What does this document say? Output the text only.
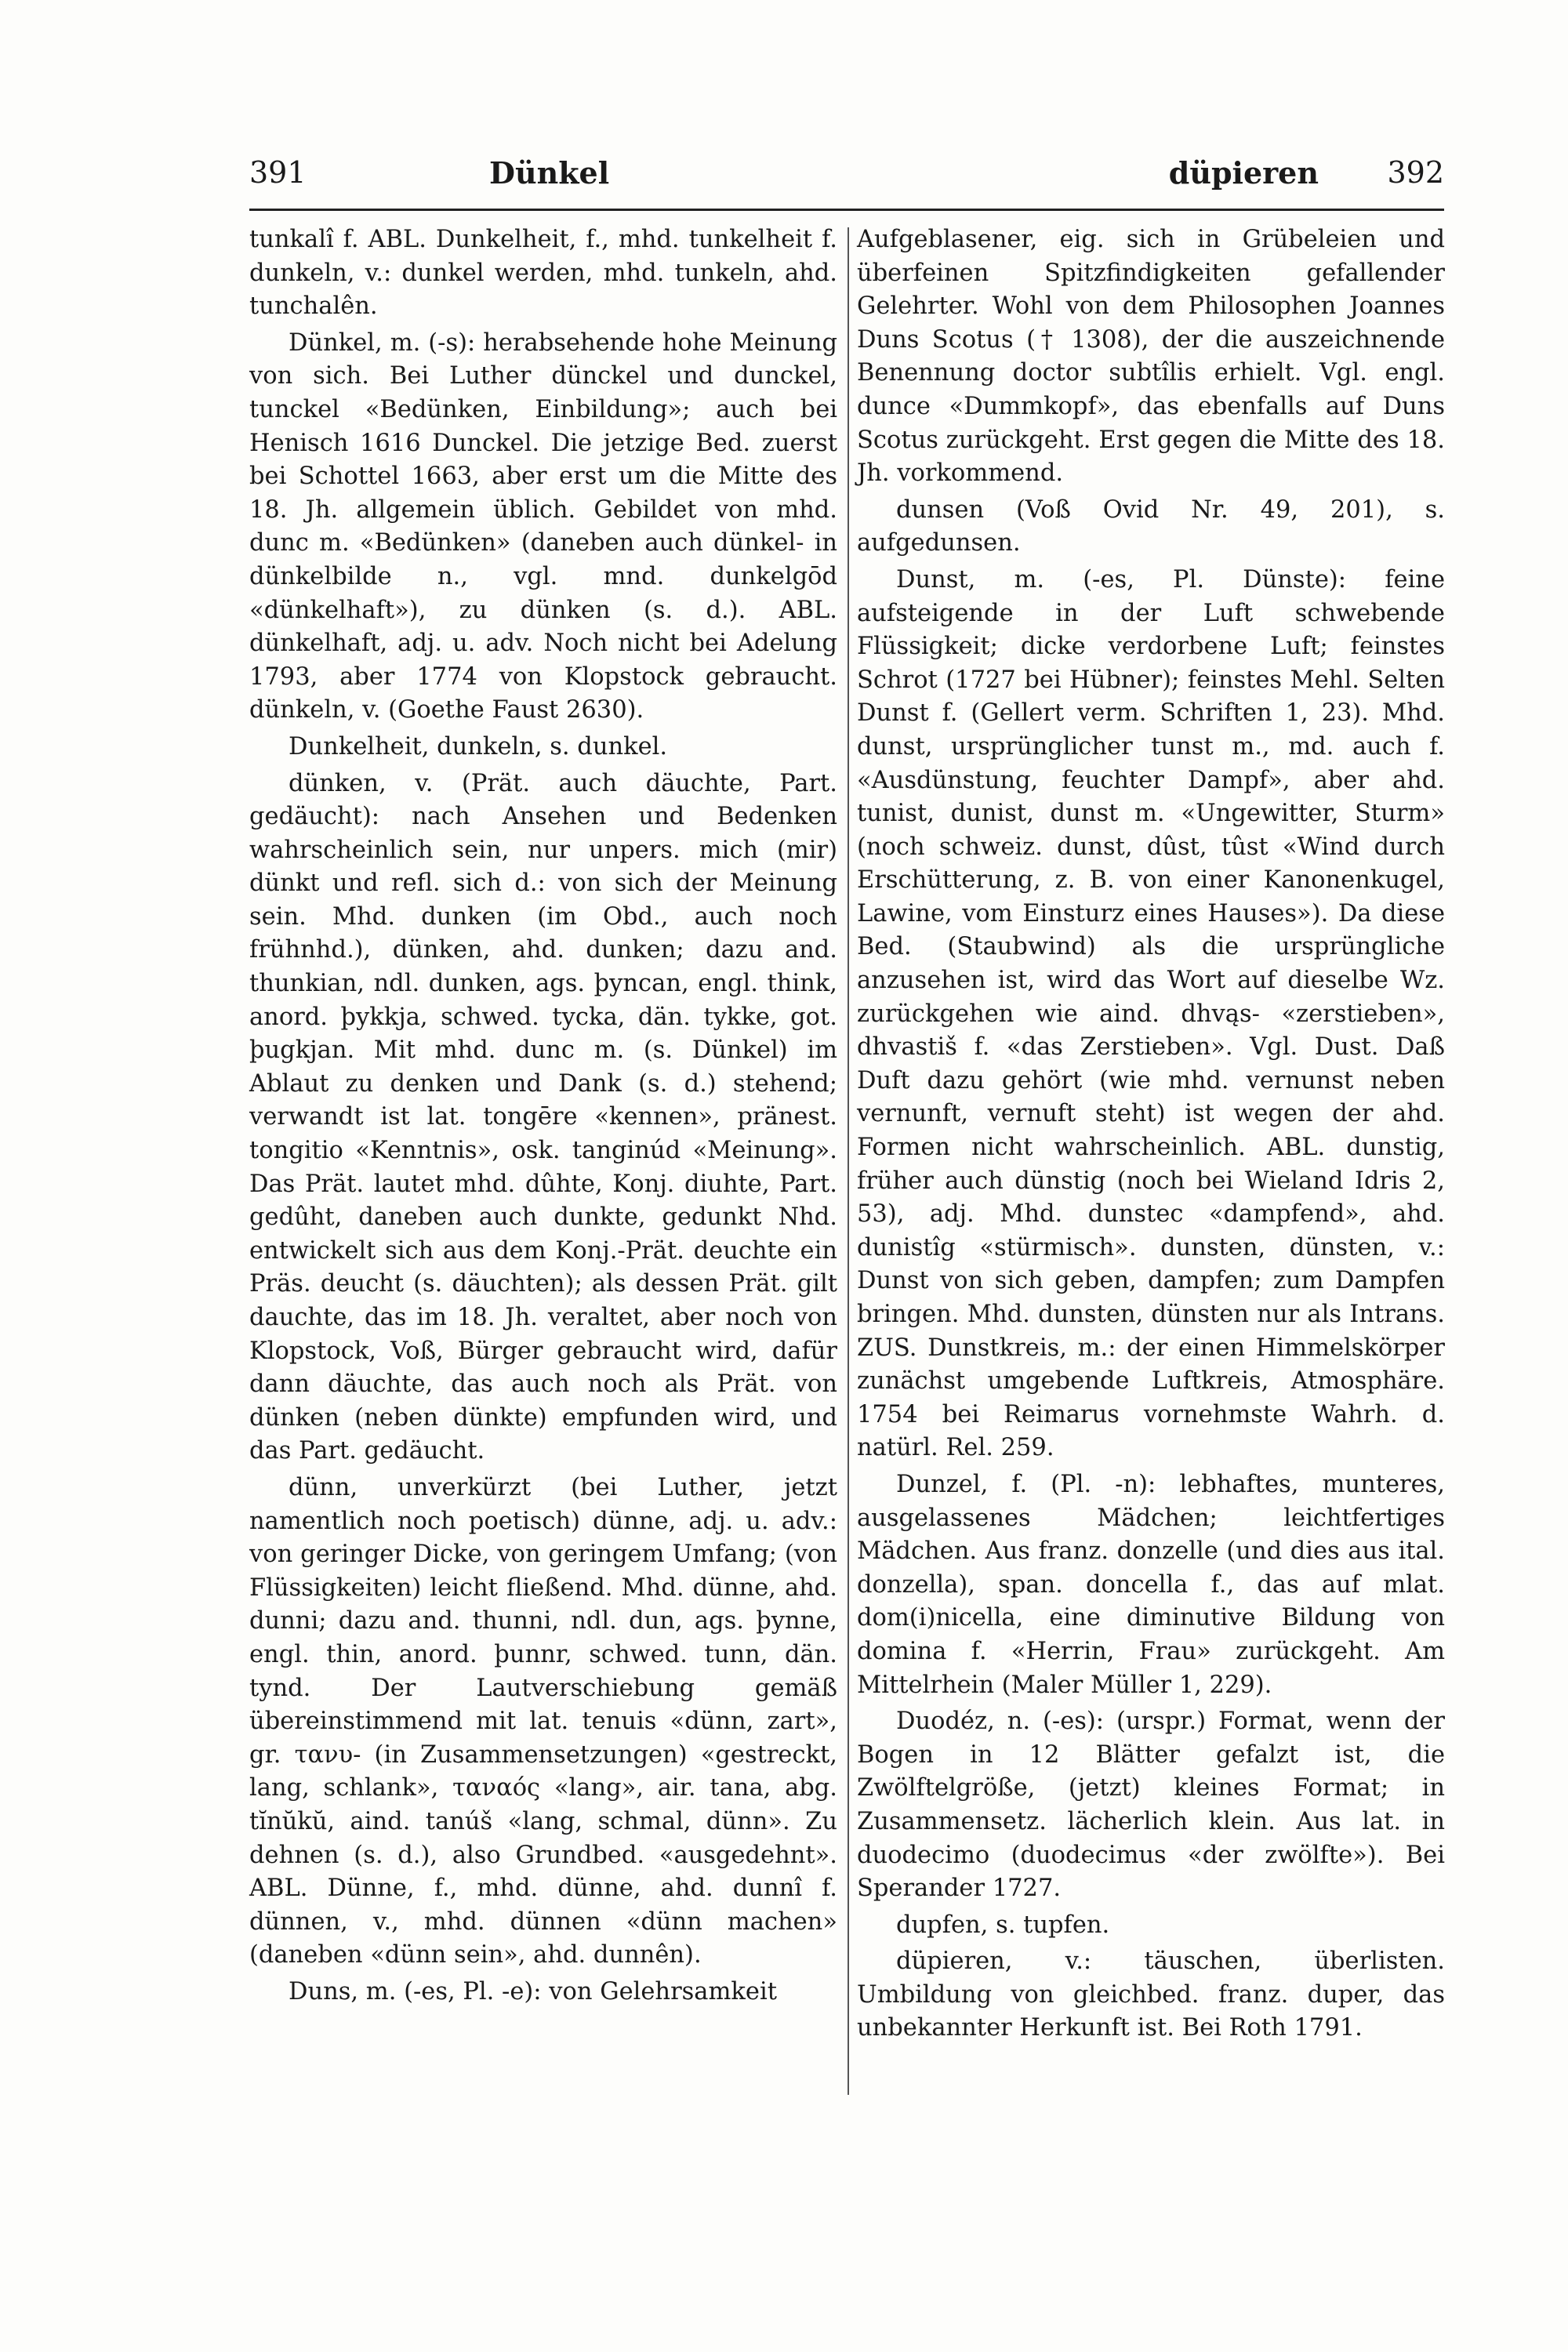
391	Dünkel	düpieren 392

tunkalî f. ABL. Dunkelheit, f., mhd. tunkelheit f. dunkeln, v.: dunkel werden, mhd. tunkeln, ahd. tunchalên.

Dünkel, m. (-s): herabsehende hohe Meinung von sich. Bei Luther dünckel und dunckel, tunckel «Bedünken, Einbildung»; auch bei Henisch 1616 Dunckel. Die jetzige Bed. zuerst bei Schottel 1663, aber erst um die Mitte des 18. Jh. allgemein üblich. Gebildet von mhd. dunc m. «Bedünken» (daneben auch dünkel- in dünkelbilde n., vgl. mnd. dunkelgōd «dünkelhaft»), zu dünken (s. d.). ABL. dünkelhaft, adj. u. adv. Noch nicht bei Adelung 1793, aber 1774 von Klopstock gebraucht. dünkeln, v. (Goethe Faust 2630).

Dunkelheit, dunkeln, s. dunkel.

dünken, v. (Prät. auch däuchte, Part. gedäucht): nach Ansehen und Bedenken wahrscheinlich sein, nur unpers. mich (mir) dünkt und refl. sich d.: von sich der Meinung sein. Mhd. dunken (im Obd., auch noch frühnhd.), dünken, ahd. dunken; dazu and. thunkian, ndl. dunken, ags. þyncan, engl. think, anord. þykkja, schwed. tycka, dän. tykke, got. þugkjan. Mit mhd. dunc m. (s. Dünkel) im Ablaut zu denken und Dank (s. d.) stehend; verwandt ist lat. tongēre «kennen», pränest. tongitio «Kenntnis», osk. tanginúd «Meinung». Das Prät. lautet mhd. dûhte, Konj. diuhte, Part. gedûht, daneben auch dunkte, gedunkt Nhd. entwickelt sich aus dem Konj.-Prät. deuchte ein Präs. deucht (s. däuchten); als dessen Prät. gilt dauchte, das im 18. Jh. veraltet, aber noch von Klopstock, Voß, Bürger gebraucht wird, dafür dann däuchte, das auch noch als Prät. von dünken (neben dünkte) empfunden wird, und das Part. gedäucht.

dünn, unverkürzt (bei Luther, jetzt namentlich noch poetisch) dünne, adj. u. adv.: von geringer Dicke, von geringem Umfang; (von Flüssigkeiten) leicht fließend. Mhd. dünne, ahd. dunni; dazu and. thunni, ndl. dun, ags. þynne, engl. thin, anord. þunnr, schwed. tunn, dän. tynd. Der Lautverschiebung gemäß übereinstimmend mit lat. tenuis «dünn, zart», gr. τανυ- (in Zusammensetzungen) «gestreckt, lang, schlank», ταναός «lang», air. tana, abg. tĭnŭkŭ, aind. tanúš «lang, schmal, dünn». Zu dehnen (s. d.), also Grundbed. «ausgedehnt». ABL. Dünne, f., mhd. dünne, ahd. dunnî f. dünnen, v., mhd. dünnen «dünn machen» (daneben «dünn sein», ahd. dunnên).

Duns, m. (-es, Pl. -e): von Gelehrsamkeit

Aufgeblasener, eig. sich in Grübeleien und überfeinen Spitzfindigkeiten gefallender Gelehrter. Wohl von dem Philosophen Joannes Duns Scotus († 1308), der die auszeichnende Benennung doctor subtîlis erhielt. Vgl. engl. dunce «Dummkopf», das ebenfalls auf Duns Scotus zurückgeht. Erst gegen die Mitte des 18. Jh. vorkommend.

dunsen (Voß Ovid Nr. 49, 201), s. aufgedunsen.

Dunst, m. (-es, Pl. Dünste): feine aufsteigende in der Luft schwebende Flüssigkeit; dicke verdorbene Luft; feinstes Schrot (1727 bei Hübner); feinstes Mehl. Selten Dunst f. (Gellert verm. Schriften 1, 23). Mhd. dunst, ursprünglicher tunst m., md. auch f. «Ausdünstung, feuchter Dampf», aber ahd. tunist, dunist, dunst m. «Ungewitter, Sturm» (noch schweiz. dunst, dûst, tûst «Wind durch Erschütterung, z. B. von einer Kanonenkugel, Lawine, vom Einsturz eines Hauses»). Da diese Bed. (Staubwind) als die ursprüngliche anzusehen ist, wird das Wort auf dieselbe Wz. zurückgehen wie aind. dhvąs- «zerstieben», dhvastiš f. «das Zerstieben». Vgl. Dust. Daß Duft dazu gehört (wie mhd. vernunst neben vernunft, vernuft steht) ist wegen der ahd. Formen nicht wahrscheinlich. ABL. dunstig, früher auch dünstig (noch bei Wieland Idris 2, 53), adj. Mhd. dunstec «dampfend», ahd. dunistîg «stürmisch». dunsten, dünsten, v.: Dunst von sich geben, dampfen; zum Dampfen bringen. Mhd. dunsten, dünsten nur als Intrans. ZUS. Dunstkreis, m.: der einen Himmelskörper zunächst umgebende Luftkreis, Atmosphäre. 1754 bei Reimarus vornehmste Wahrh. d. natürl. Rel. 259.

Dunzel, f. (Pl. -n): lebhaftes, munteres, ausgelassenes Mädchen; leichtfertiges Mädchen. Aus franz. donzelle (und dies aus ital. donzella), span. doncella f., das auf mlat. dom(i)nicella, eine diminutive Bildung von domina f. «Herrin, Frau» zurückgeht. Am Mittelrhein (Maler Müller 1, 229).

Duodéz, n. (-es): (urspr.) Format, wenn der Bogen in 12 Blätter gefalzt ist, die Zwölftelgröße, (jetzt) kleines Format; in Zusammensetz. lächerlich klein. Aus lat. in duodecimo (duodecimus «der zwölfte»). Bei Sperander 1727.

dupfen, s. tupfen.

düpieren, v.: täuschen, überlisten. Umbildung von gleichbed. franz. duper, das unbekannter Herkunft ist. Bei Roth 1791.
